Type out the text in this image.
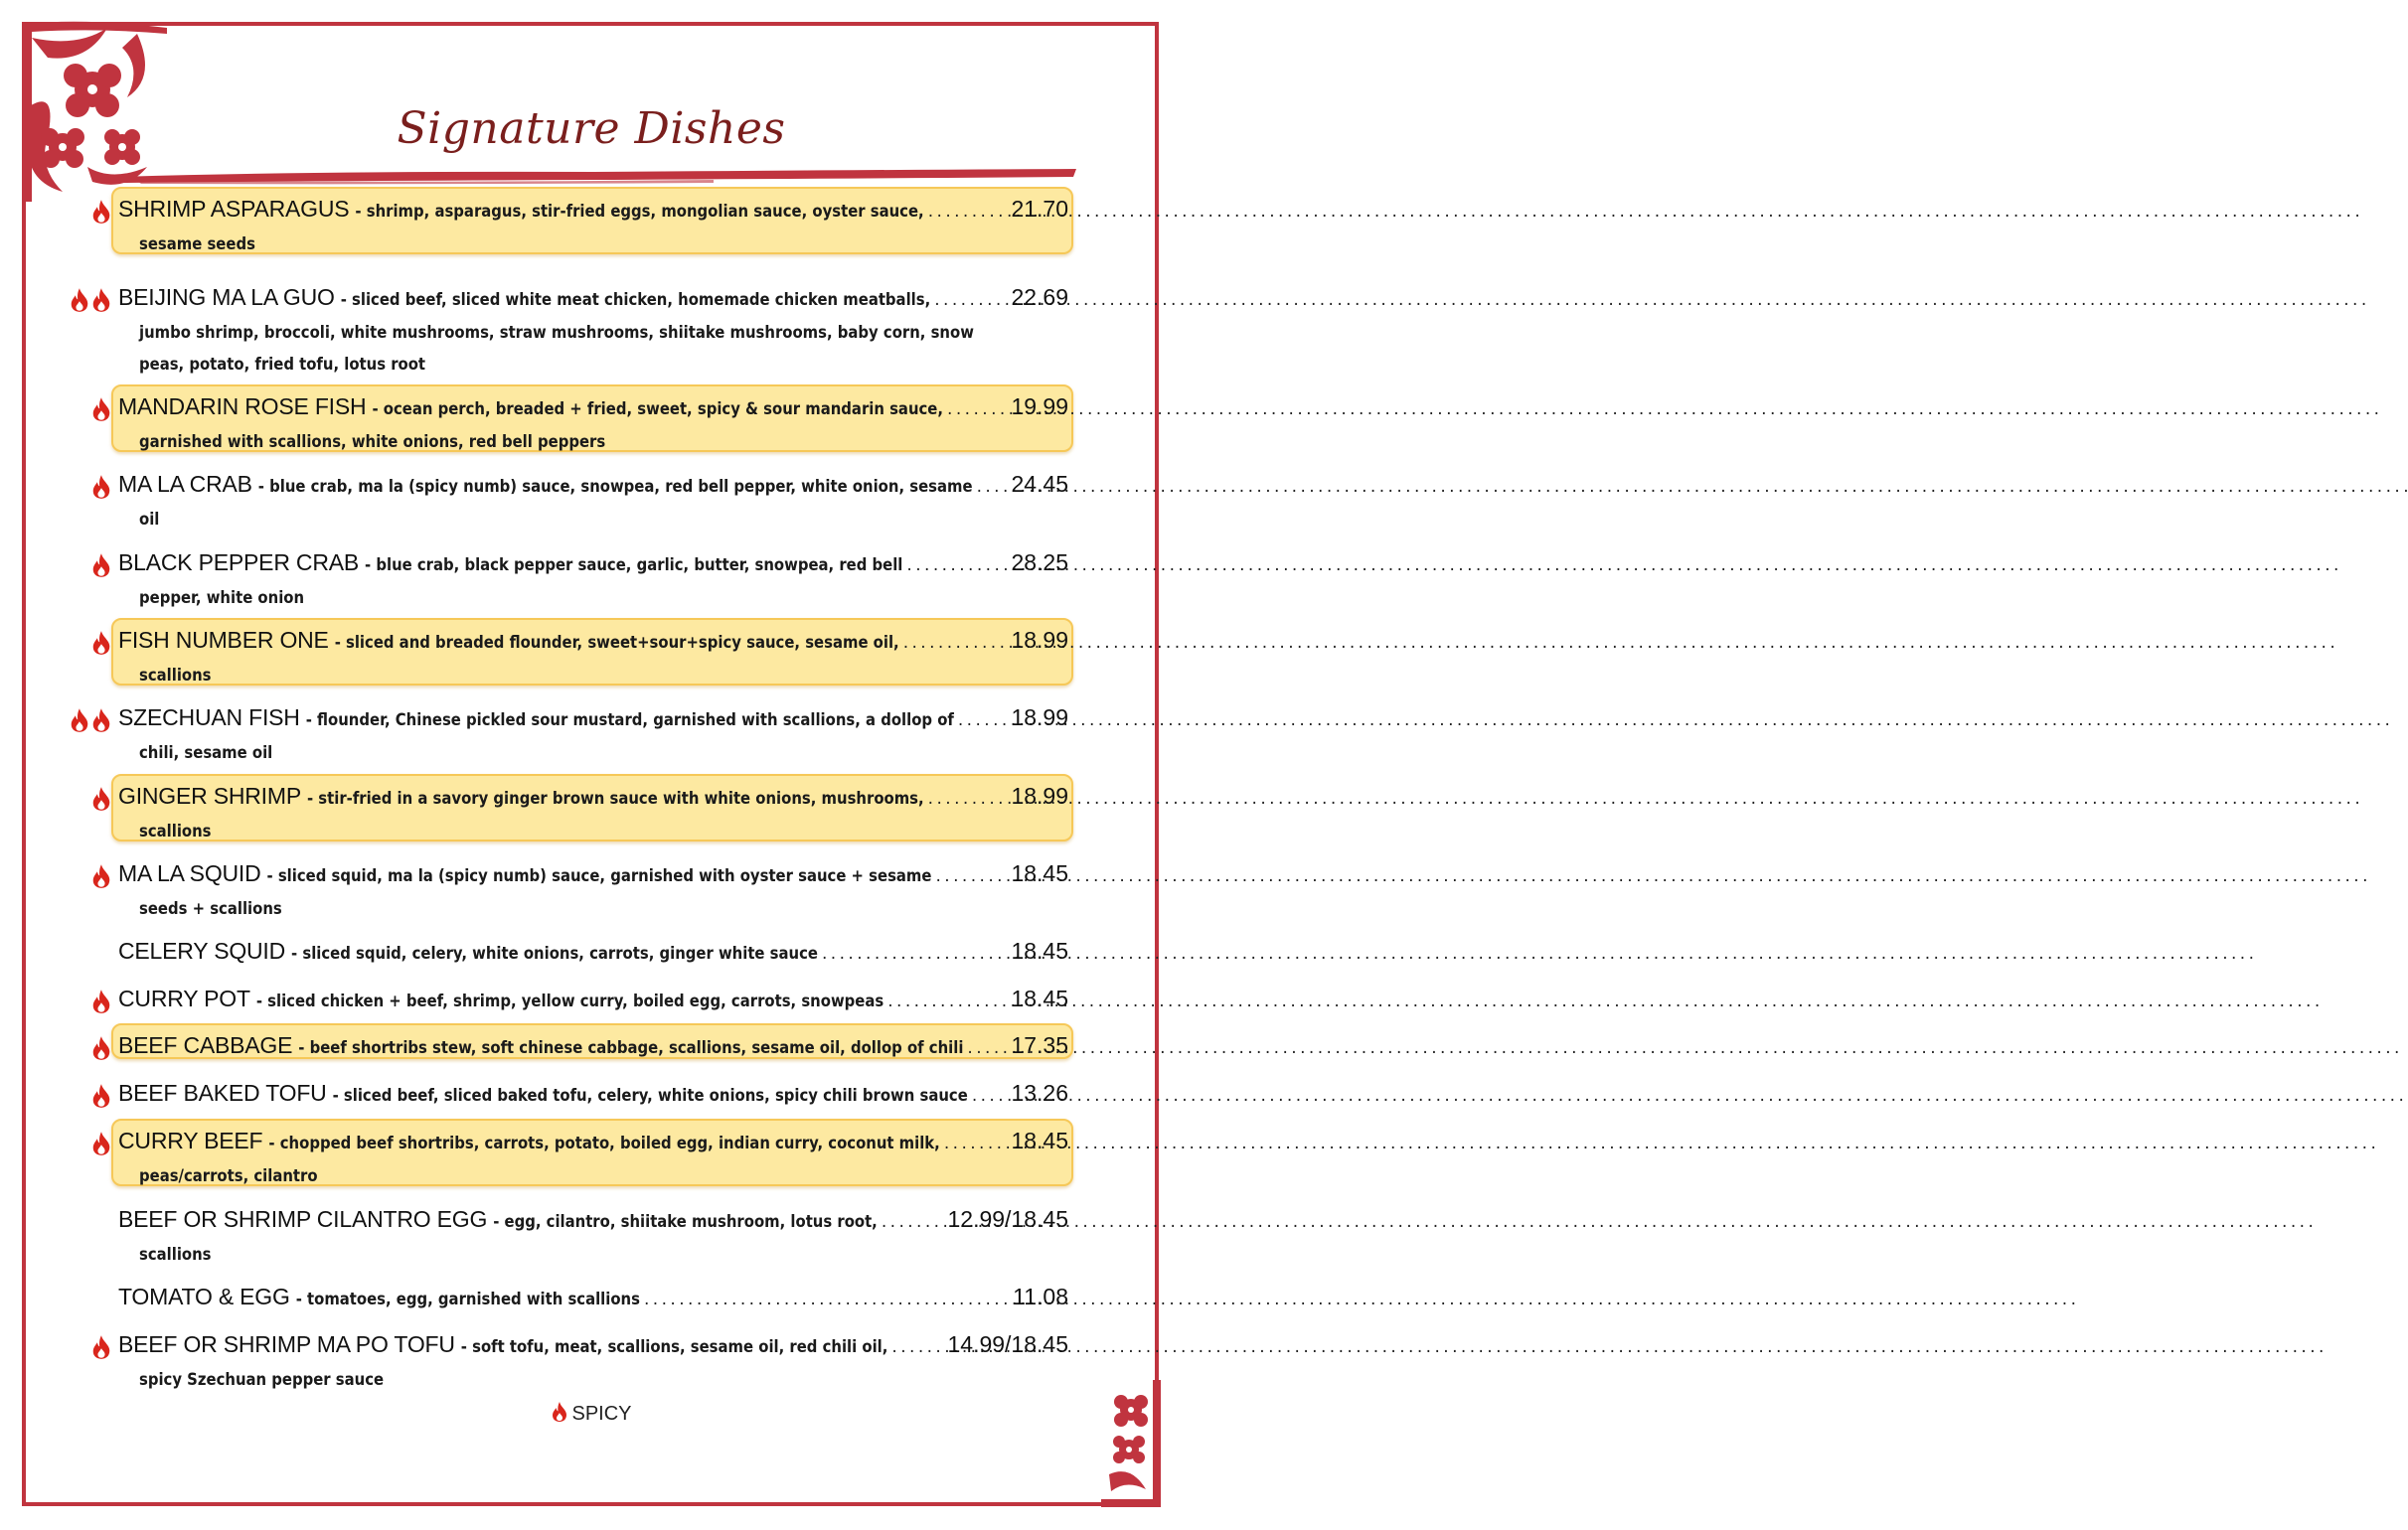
Signature Dishes
SHRIMP ASPARAGUS - shrimp, asparagus, stir-fried eggs, mongolian sauce, oyster sauce, . . .	21.70
sesame seeds
BEIJING MA LA GUO - sliced beef, sliced white meat chicken, homemade chicken meatballs, . . .	22.69
jumbo shrimp, broccoli, white mushrooms, straw mushrooms, shiitake mushrooms, baby corn, snow peas, potato, fried tofu, lotus root
MANDARIN ROSE FISH - ocean perch, breaded + fried, sweet, spicy & sour mandarin sauce, . . .	19.99
garnished with scallions, white onions, red bell peppers
MA LA CRAB - blue crab, ma la (spicy numb) sauce, snowpea, red bell pepper, white onion, sesame . . . 24.45
oil
BLACK PEPPER CRAB - blue crab, black pepper sauce, garlic, butter, snowpea, red bell . . .	28.25
pepper, white onion
FISH NUMBER ONE - sliced and breaded flounder, sweet+sour+spicy sauce, sesame oil, . . .	18.99
scallions
SZECHUAN FISH - flounder, Chinese pickled sour mustard, garnished with scallions, a dollop of . . .	18.99
chili, sesame oil
GINGER SHRIMP - stir-fried in a savory ginger brown sauce with white onions, mushrooms, . . .	18.99
scallions
MA LA SQUID - sliced squid, ma la (spicy numb) sauce, garnished with oyster sauce + sesame . . .	18.45
seeds + scallions
CELERY SQUID - sliced squid, celery, white onions, carrots, ginger white sauce . . .	18.45
CURRY POT - sliced chicken + beef, shrimp, yellow curry, boiled egg, carrots, snowpeas . . .	18.45
BEEF CABBAGE - beef shortribs stew, soft chinese cabbage, scallions, sesame oil, dollop of chili . . . 17.35
BEEF BAKED TOFU - sliced beef, sliced baked tofu, celery, white onions, spicy chili brown sauce . . . 13.26
CURRY BEEF - chopped beef shortribs, carrots, potato, boiled egg, indian curry, coconut milk, . . .	18.45
peas/carrots, cilantro
BEEF OR SHRIMP CILANTRO EGG - egg, cilantro, shiitake mushroom, lotus root, . . .	12.99/18.45
scallions
TOMATO & EGG - tomatoes, egg, garnished with scallions . . .	11.08
BEEF OR SHRIMP MA PO TOFU - soft tofu, meat, scallions, sesame oil, red chili oil, . . .	14.99/18.45
spicy Szechuan pepper sauce
SPICY
